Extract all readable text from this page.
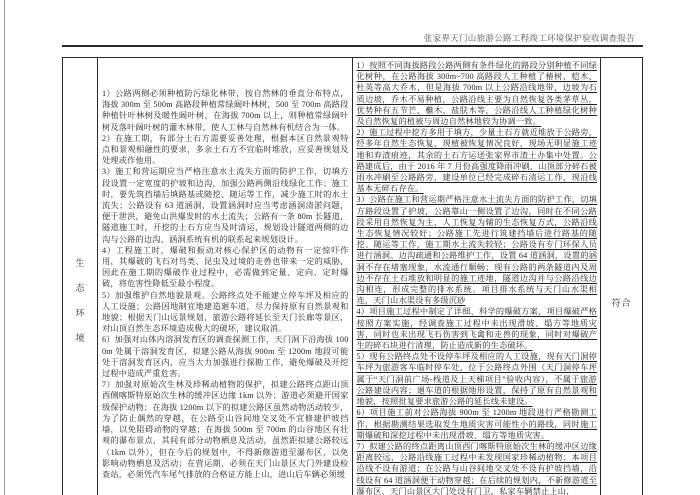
张家界天门山旅游公路工程竣工环境保护验收调查报告
生
态
环
境

1）公路两侧必须种植防污绿化林带，按自然林的垂直分布特点，海拔 300m 至 500m 高路段种植常绿阔叶林树，500 至 700m 高路段种植针叶林树及暖性阔叶树，在海拔 700m 以上，则种植常绿阔叶树及落叶阔叶树的灌木林带，使人工林与自然林有机结合为一体。

2）在施工期，有部分土石方需要妥善处理，根据本区自然景观特点和景观相融性的要求，多余土石方不宜临时堆放，应妥善规划及处理或作他用。

3）施工和营运期应当严格注意水土流失方面的防护工作，切填方段设置一定宽度的护坡和边沟，加强公路两侧沿线绿化工作；施工时，要先筑挡墙后填路基或随挖、随运等工作，减少施工时的水土流失；公路设有 63 道涵洞，设置涵洞时应当考虑涵洞清淤问题，便于泄洪，避免山洪爆发时的水土流失；公路有一条 80m 长隧道，隧道施工时，开挖的土石方应当及时清运，规划设计隧道两侧的边沟与公路的边沟、涵洞系统有机的联系起来规划设计。

4）工程施工时，爆破和振动对核心保护区的动物有一定惊吓作用，其爆破的飞石对鸟类、昆虫及过境的走兽也带来一定的威胁，因此在施工期的爆破作业过程中，必需做到定量、定向、定时爆破，将危害性降低至最小程度。

5）加强维护自然地貌景观。公路终点处不能建立停车坪及相应的人工设施；公路因地制宜地建造廻车道，尽力保持原有自然景观和地貌；根据天门山远景规划，旅游公路将延长至天门长廊等景区，对山顶自然生态环境造成极大的破坏，建议取消。

6）加强对山体内溶洞发育区的调查探测工作，天门洞下沿海拔 1000m 处属于溶洞发育区，拟建公路从海拔 900m 至 1200m 地段可能处于溶洞发育区内，应当大力加强进行探勘工作，避免爆破及开挖过程中造成严重危害。

7）加强对原始次生林及珍稀动植物的保护，拟建公路终点距山顶西侧喀斯特原始次生林的缓冲区边缘 1km 以外；游道必须避开国家级保护动物；在海拔 1200m 以下的拟建公路区虽然动物活动较少，为了防止偶然的穿越，在公路至山谷间地交叉处不宜修建护坡挡墙，以免阻碍动物的穿越；在海拔 500m 至 700m 的山谷地区有壮观的瀑布景点，其间有部分动物栖息及活动，虽然距拟建公路较远（1km 以外），但在今后的规划中，不得新修游道至瀑布区，以免影响动物栖息及活动；在营运期，必须在天门山景区大门外建设检查站，必须凭汽车尾气排放的合格证方能上山，进山后车辆必须缓

1）按照不同海拔路段公路两侧有条件绿化的路段分别种植不同绿化树种，在公路海拔 300m~700 高路段人工种植了椿树、桤木、杜英等高大乔木，但是海拔 700m 以上公路沿线地带，边坡为石质边坡，乔木不易种植，公路沿线主要为自然恢复各类茅草丛，优势种有五节芒、檵木、盐肤木等，公路沿线人工种植绿化树种及自然恢复的植被与周边自然林地较为协调一致。

2）施工过程中挖方多用于填方，少量土石方就近堆放于公路旁，经多年自然生态恢复，现植被恢复情况良好，现场无明显施工迹地和弃渣痕迹，其余的土石方运送张家界市渣土办集中处置。公路建成后，由于 2016 年 7 月份高强度降雨冲刷，山顶部分碎石被雨水冲刷至公路路旁，建设单位已经完成碎石清运工作，现沿线基本无碎石存在。

3）公路在施工和营运期严格注意水土流失方面的防护工作，切填方路段设置了护坡，公路靠山一侧设置了边沟，同时在不同公路段采用自然恢复为主，人工恢复为辅的生态恢复方式，公路沿线生态恢复情况较好；公路施工先进行筑建挡墙后进行路基的随挖、随运等工作，施工期水土流失较轻；公路设有专门环保人员进行涵洞、边沟疏通和公路维护工作，设置 64 道涵洞，设置的涵洞不存在堵塞现象，水流通行顺畅；现有公路的两条隧道内及周边不存在土石堆放和明显的施工迹地，隧道边沟并与公路沿线边沟相连，形成完整的排水系统。项目排水系统与天门山水渠相连，天门山水渠设有多级沉砂

4）项目施工过程中制定了详细、科学的爆破方案，项目爆破严格按照方案实施，经调查施工过程中未出现滑坡、塌方等地质灾害，同时也未出现飞石伤害到飞禽和走兽的现象，同时对爆破产生的碎石块进行清理，防止造成新的生态破坏。

5）现有公路终点处不设停车坪及相应的人工设施，现有天门洞停车坪为旅游客车临时停车处，位于公路终点外围（天门洞停车坪属于“天门洞前广场-栈道及上天梯项目”验收内容），不属于旅游公路建设内容；廻车道的根据地形设置，保持了原有自然景观和地貌，按照批复要求旅游公路的延长线未建设。

6）项目施工前对公路海拔 900m 至 1200m 地段进行严格勘测工作，根据勘测结果选取发生地质灾害可能性小的路线，同时施工期爆破和深挖过程中未出现滑坡、塌方等地质灾害。

7）拟建公路的终点距离山顶西门喀斯特原始次生林的缓冲区边缘距离较远，公路沿线施工过程中未发现国家珍稀动植物；本项目沿线不设有游道；在公路与山谷间地交叉处不设有护坡挡墙，沿线设有 64 道涵洞便于动物穿越；在后续的规划内，不新修游道至瀑布区，天门山景区大门处设有门卫，私家车辆禁止上山，

符合
